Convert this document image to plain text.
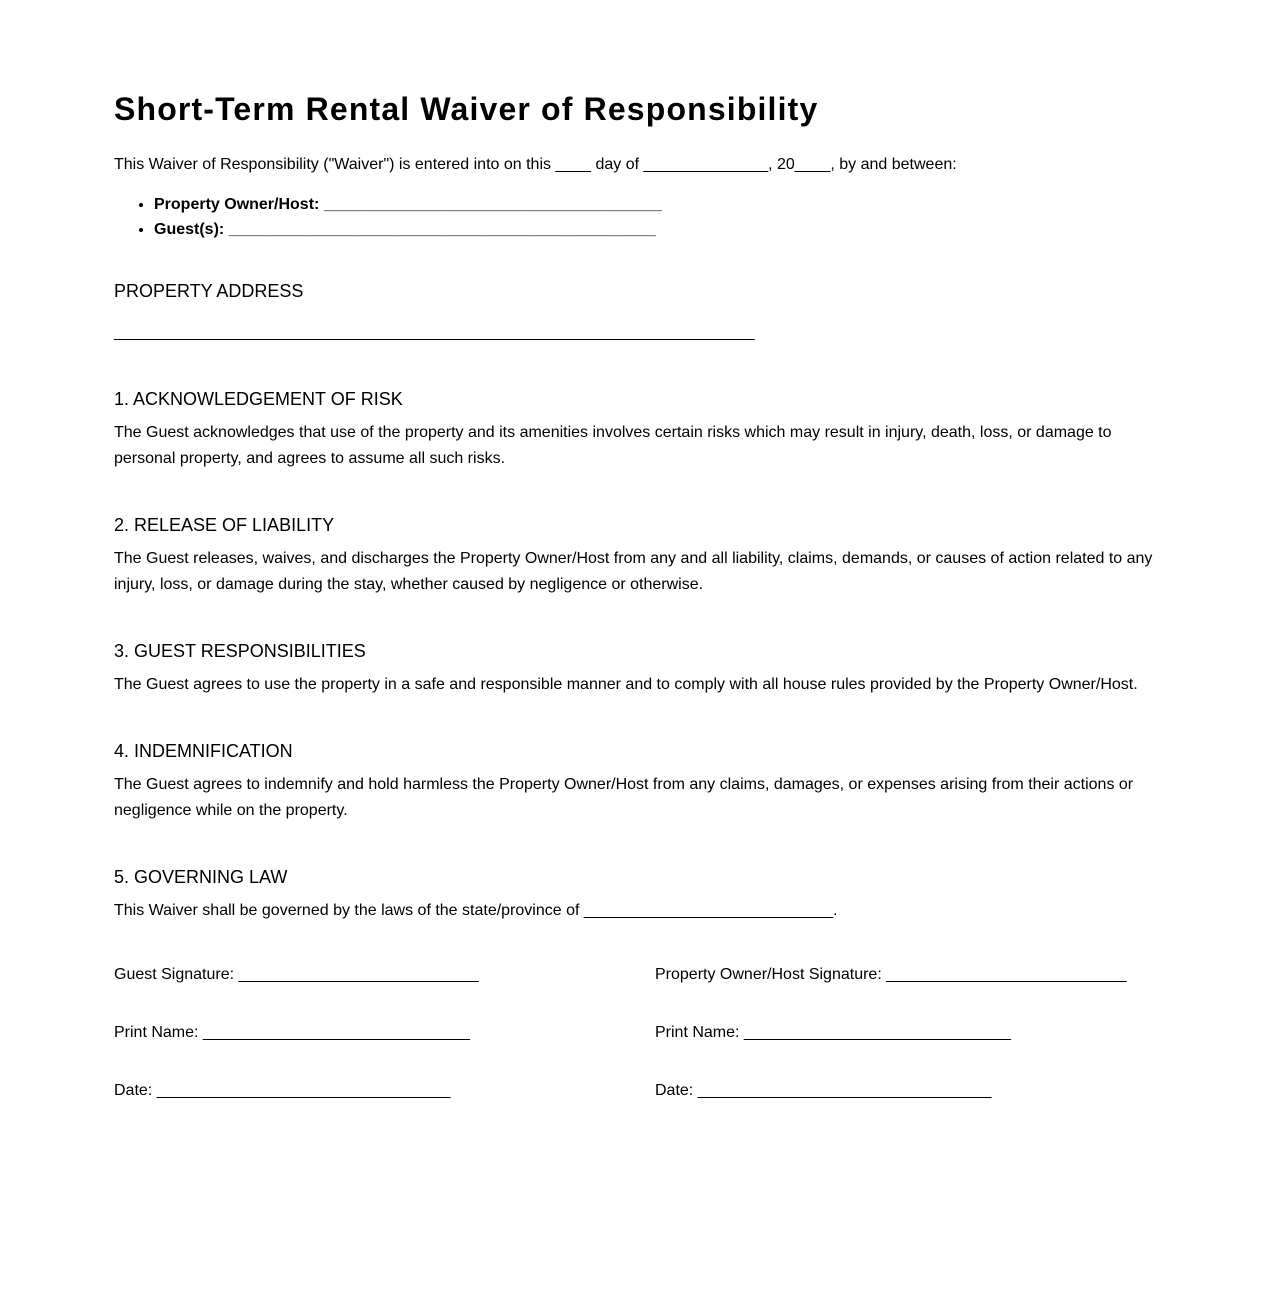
Short-Term Rental Waiver of Responsibility

This Waiver of Responsibility ("Waiver") is entered into on this ____ day of ______________, 20____, by and between:

• Property Owner/Host: ______________________________________
• Guest(s): ________________________________________________
PROPERTY ADDRESS
________________________________________________________________________
1. ACKNOWLEDGEMENT OF RISK

The Guest acknowledges that use of the property and its amenities involves certain risks which may result in injury, death, loss, or damage to personal property, and agrees to assume all such risks.

2. RELEASE OF LIABILITY

The Guest releases, waives, and discharges the Property Owner/Host from any and all liability, claims, demands, or causes of action related to any injury, loss, or damage during the stay, whether caused by negligence or otherwise.

3. GUEST RESPONSIBILITIES

The Guest agrees to use the property in a safe and responsible manner and to comply with all house rules provided by the Property Owner/Host.

4. INDEMNIFICATION

The Guest agrees to indemnify and hold harmless the Property Owner/Host from any claims, damages, or expenses arising from their actions or negligence while on the property.

5. GOVERNING LAW

This Waiver shall be governed by the laws of the state/province of ____________________________.

Guest Signature: ___________________________	Property Owner/Host Signature: ___________________________
Print Name: ______________________________	Print Name: ______________________________
Date: _________________________________	Date: _________________________________
